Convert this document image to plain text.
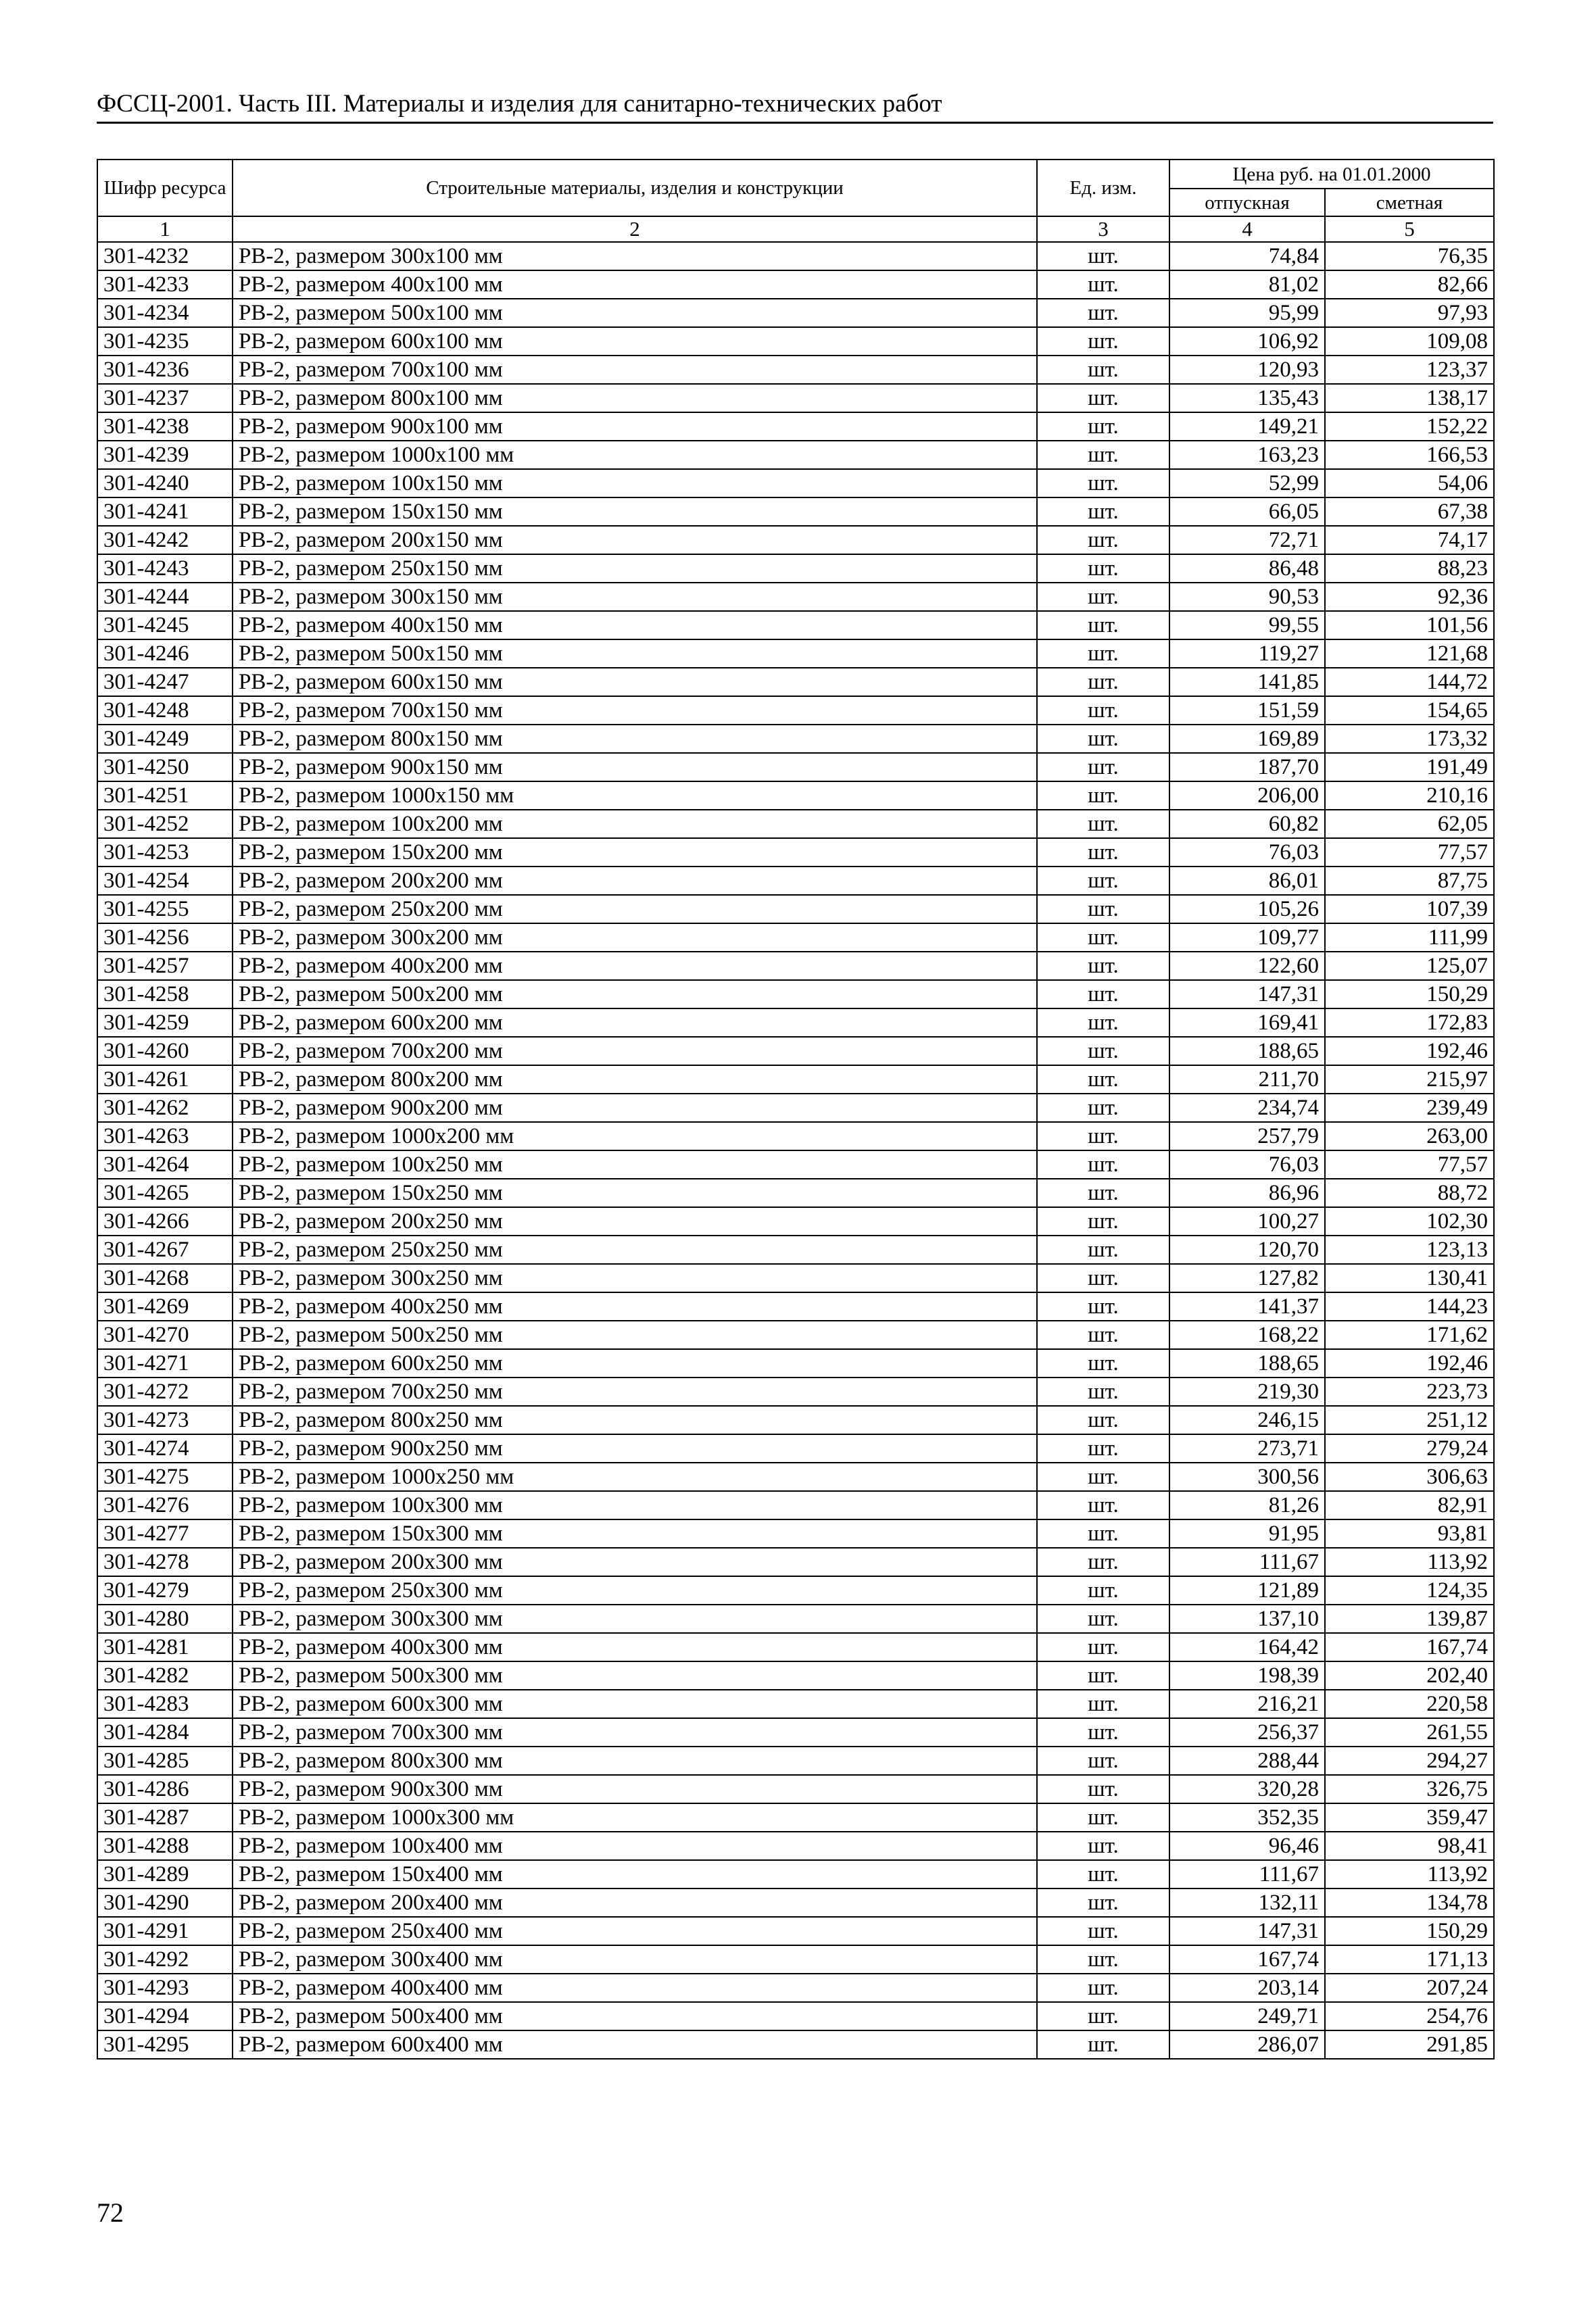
ФССЦ-2001. Часть III. Материалы и изделия для санитарно-технических работ
Шифр ресурса	Строительные материалы, изделия и конструкции	Ед. изм.	Цена руб. на 01.01.2000	
			отпускная	сметная
1	2	3	4	5
301-4232	РВ-2, размером 300х100 мм	шт.	74,84	76,35
301-4233	РВ-2, размером 400х100 мм	шт.	81,02	82,66
301-4234	РВ-2, размером 500х100 мм	шт.	95,99	97,93
301-4235	РВ-2, размером 600х100 мм	шт.	106,92	109,08
301-4236	РВ-2, размером 700х100 мм	шт.	120,93	123,37
301-4237	РВ-2, размером 800х100 мм	шт.	135,43	138,17
301-4238	РВ-2, размером 900х100 мм	шт.	149,21	152,22
301-4239	РВ-2, размером 1000х100 мм	шт.	163,23	166,53
301-4240	РВ-2, размером 100х150 мм	шт.	52,99	54,06
301-4241	РВ-2, размером 150х150 мм	шт.	66,05	67,38
301-4242	РВ-2, размером 200х150 мм	шт.	72,71	74,17
301-4243	РВ-2, размером 250х150 мм	шт.	86,48	88,23
301-4244	РВ-2, размером 300х150 мм	шт.	90,53	92,36
301-4245	РВ-2, размером 400х150 мм	шт.	99,55	101,56
301-4246	РВ-2, размером 500х150 мм	шт.	119,27	121,68
301-4247	РВ-2, размером 600х150 мм	шт.	141,85	144,72
301-4248	РВ-2, размером 700х150 мм	шт.	151,59	154,65
301-4249	РВ-2, размером 800х150 мм	шт.	169,89	173,32
301-4250	РВ-2, размером 900х150 мм	шт.	187,70	191,49
301-4251	РВ-2, размером 1000х150 мм	шт.	206,00	210,16
301-4252	РВ-2, размером 100х200 мм	шт.	60,82	62,05
301-4253	РВ-2, размером 150х200 мм	шт.	76,03	77,57
301-4254	РВ-2, размером 200х200 мм	шт.	86,01	87,75
301-4255	РВ-2, размером 250х200 мм	шт.	105,26	107,39
301-4256	РВ-2, размером 300х200 мм	шт.	109,77	111,99
301-4257	РВ-2, размером 400х200 мм	шт.	122,60	125,07
301-4258	РВ-2, размером 500х200 мм	шт.	147,31	150,29
301-4259	РВ-2, размером 600х200 мм	шт.	169,41	172,83
301-4260	РВ-2, размером 700х200 мм	шт.	188,65	192,46
301-4261	РВ-2, размером 800х200 мм	шт.	211,70	215,97
301-4262	РВ-2, размером 900х200 мм	шт.	234,74	239,49
301-4263	РВ-2, размером 1000х200 мм	шт.	257,79	263,00
301-4264	РВ-2, размером 100х250 мм	шт.	76,03	77,57
301-4265	РВ-2, размером 150х250 мм	шт.	86,96	88,72
301-4266	РВ-2, размером 200х250 мм	шт.	100,27	102,30
301-4267	РВ-2, размером 250х250 мм	шт.	120,70	123,13
301-4268	РВ-2, размером 300х250 мм	шт.	127,82	130,41
301-4269	РВ-2, размером 400х250 мм	шт.	141,37	144,23
301-4270	РВ-2, размером 500х250 мм	шт.	168,22	171,62
301-4271	РВ-2, размером 600х250 мм	шт.	188,65	192,46
301-4272	РВ-2, размером 700х250 мм	шт.	219,30	223,73
301-4273	РВ-2, размером 800х250 мм	шт.	246,15	251,12
301-4274	РВ-2, размером 900х250 мм	шт.	273,71	279,24
301-4275	РВ-2, размером 1000х250 мм	шт.	300,56	306,63
301-4276	РВ-2, размером 100х300 мм	шт.	81,26	82,91
301-4277	РВ-2, размером 150х300 мм	шт.	91,95	93,81
301-4278	РВ-2, размером 200х300 мм	шт.	111,67	113,92
301-4279	РВ-2, размером 250х300 мм	шт.	121,89	124,35
301-4280	РВ-2, размером 300х300 мм	шт.	137,10	139,87
301-4281	РВ-2, размером 400х300 мм	шт.	164,42	167,74
301-4282	РВ-2, размером 500х300 мм	шт.	198,39	202,40
301-4283	РВ-2, размером 600х300 мм	шт.	216,21	220,58
301-4284	РВ-2, размером 700х300 мм	шт.	256,37	261,55
301-4285	РВ-2, размером 800х300 мм	шт.	288,44	294,27
301-4286	РВ-2, размером 900х300 мм	шт.	320,28	326,75
301-4287	РВ-2, размером 1000х300 мм	шт.	352,35	359,47
301-4288	РВ-2, размером 100х400 мм	шт.	96,46	98,41
301-4289	РВ-2, размером 150х400 мм	шт.	111,67	113,92
301-4290	РВ-2, размером 200х400 мм	шт.	132,11	134,78
301-4291	РВ-2, размером 250х400 мм	шт.	147,31	150,29
301-4292	РВ-2, размером 300х400 мм	шт.	167,74	171,13
301-4293	РВ-2, размером 400х400 мм	шт.	203,14	207,24
301-4294	РВ-2, размером 500х400 мм	шт.	249,71	254,76
301-4295	РВ-2, размером 600х400 мм	шт.	286,07	291,85
72
